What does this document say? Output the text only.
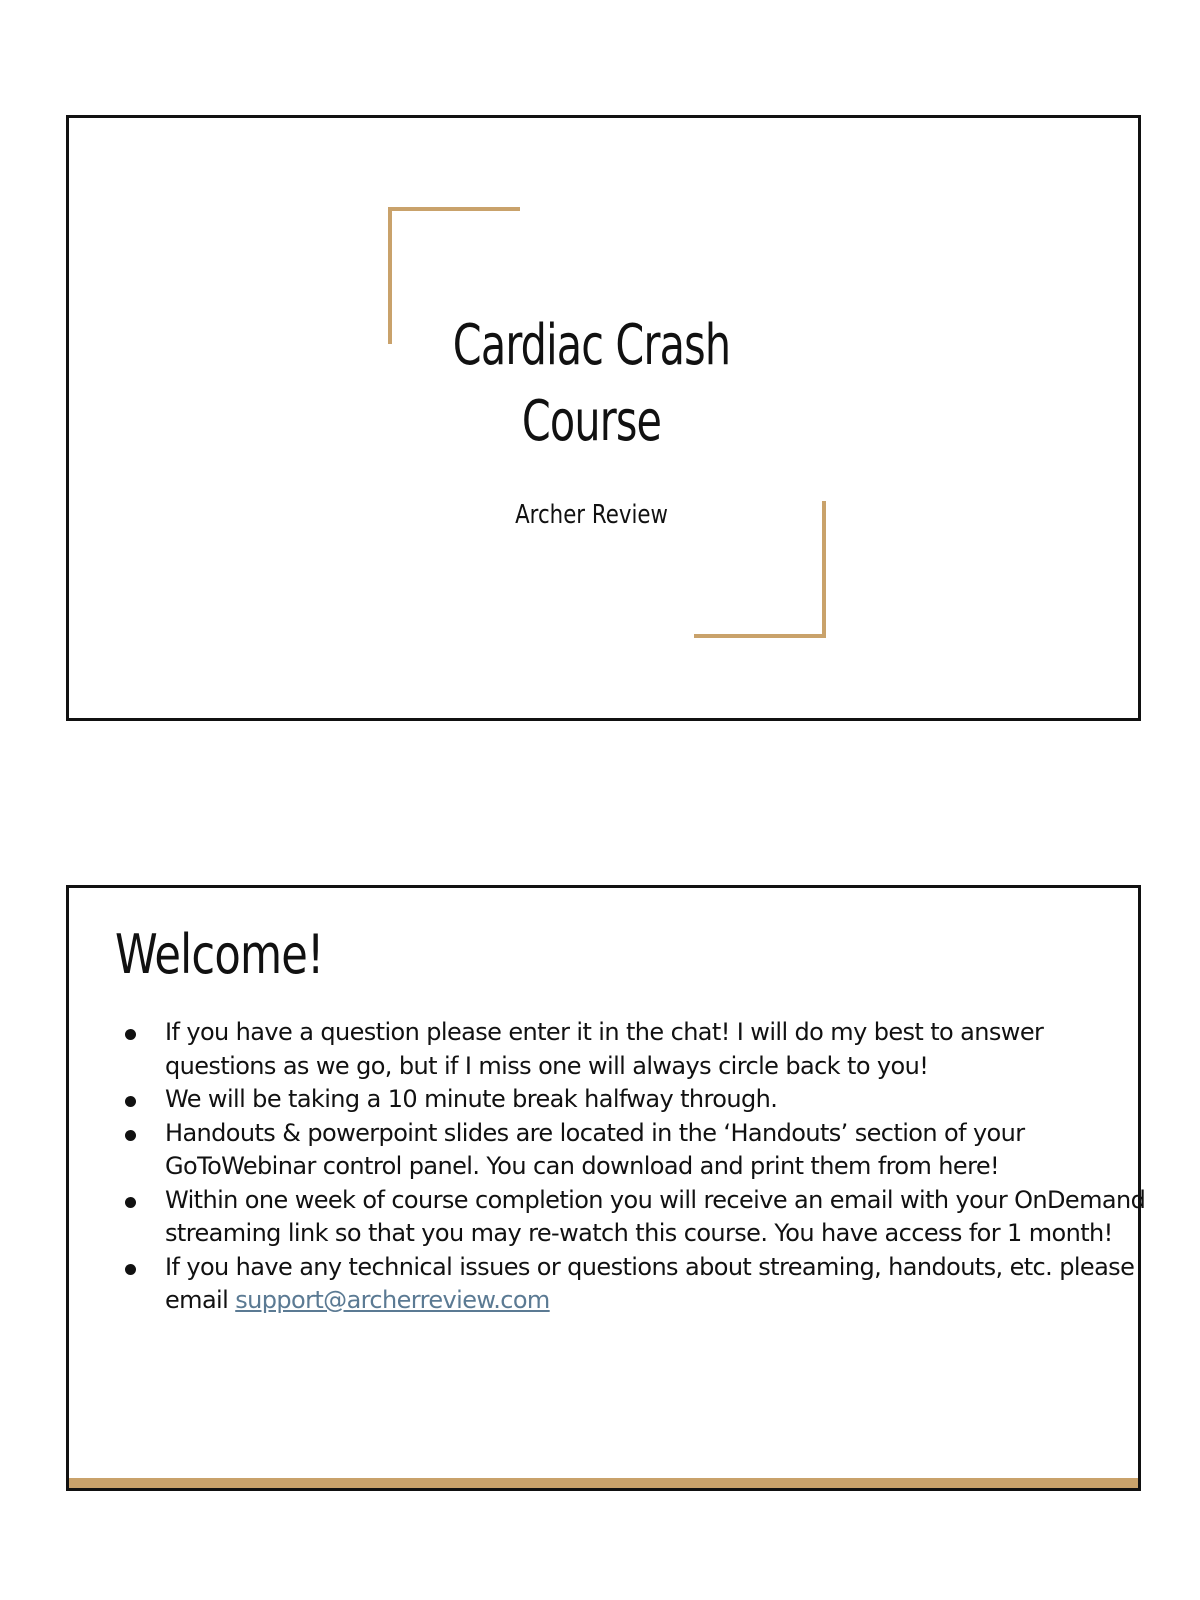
Cardiac Crash
Course

Archer Review

Welcome!
If you have a question please enter it in the chat! I will do my best to answer questions as we go, but if I miss one will always circle back to you!
We will be taking a 10 minute break halfway through.
Handouts & powerpoint slides are located in the ‘Handouts’ section of your GoToWebinar control panel. You can download and print them from here!
Within one week of course completion you will receive an email with your OnDemand streaming link so that you may re-watch this course. You have access for 1 month!
If you have any technical issues or questions about streaming, handouts, etc. please email support@archerreview.com
